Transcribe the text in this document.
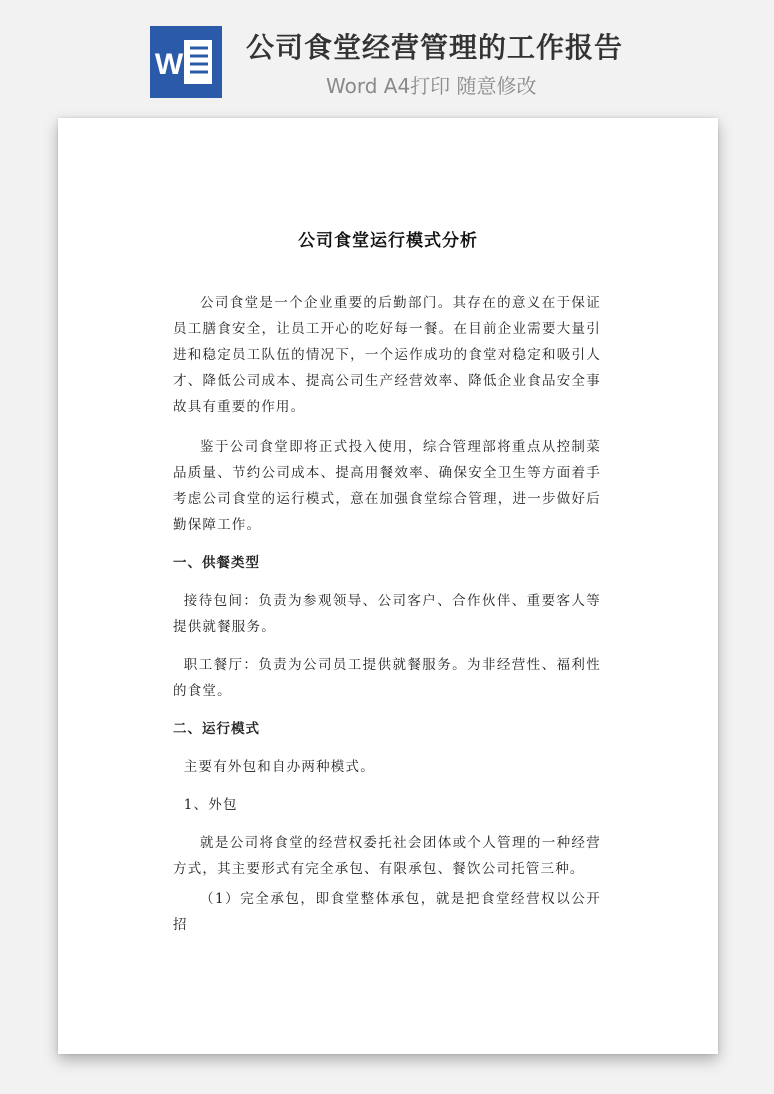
W
公司食堂经营管理的工作报告
Word A4打印 随意修改
公司食堂运行模式分析

公司食堂是一个企业重要的后勤部门。其存在的意义在于保证员工膳食安全，让员工开心的吃好每一餐。在目前企业需要大量引进和稳定员工队伍的情况下，一个运作成功的食堂对稳定和吸引人才、降低公司成本、提高公司生产经营效率、降低企业食品安全事故具有重要的作用。

鉴于公司食堂即将正式投入使用，综合管理部将重点从控制菜品质量、节约公司成本、提高用餐效率、确保安全卫生等方面着手考虑公司食堂的运行模式，意在加强食堂综合管理，进一步做好后勤保障工作。

一、供餐类型

接待包间：负责为参观领导、公司客户、合作伙伴、重要客人等提供就餐服务。

职工餐厅：负责为公司员工提供就餐服务。为非经营性、福利性的食堂。

二、运行模式

主要有外包和自办两种模式。

1、外包

就是公司将食堂的经营权委托社会团体或个人管理的一种经营方式，其主要形式有完全承包、有限承包、餐饮公司托管三种。

（1）完全承包，即食堂整体承包，就是把食堂经营权以公开招
